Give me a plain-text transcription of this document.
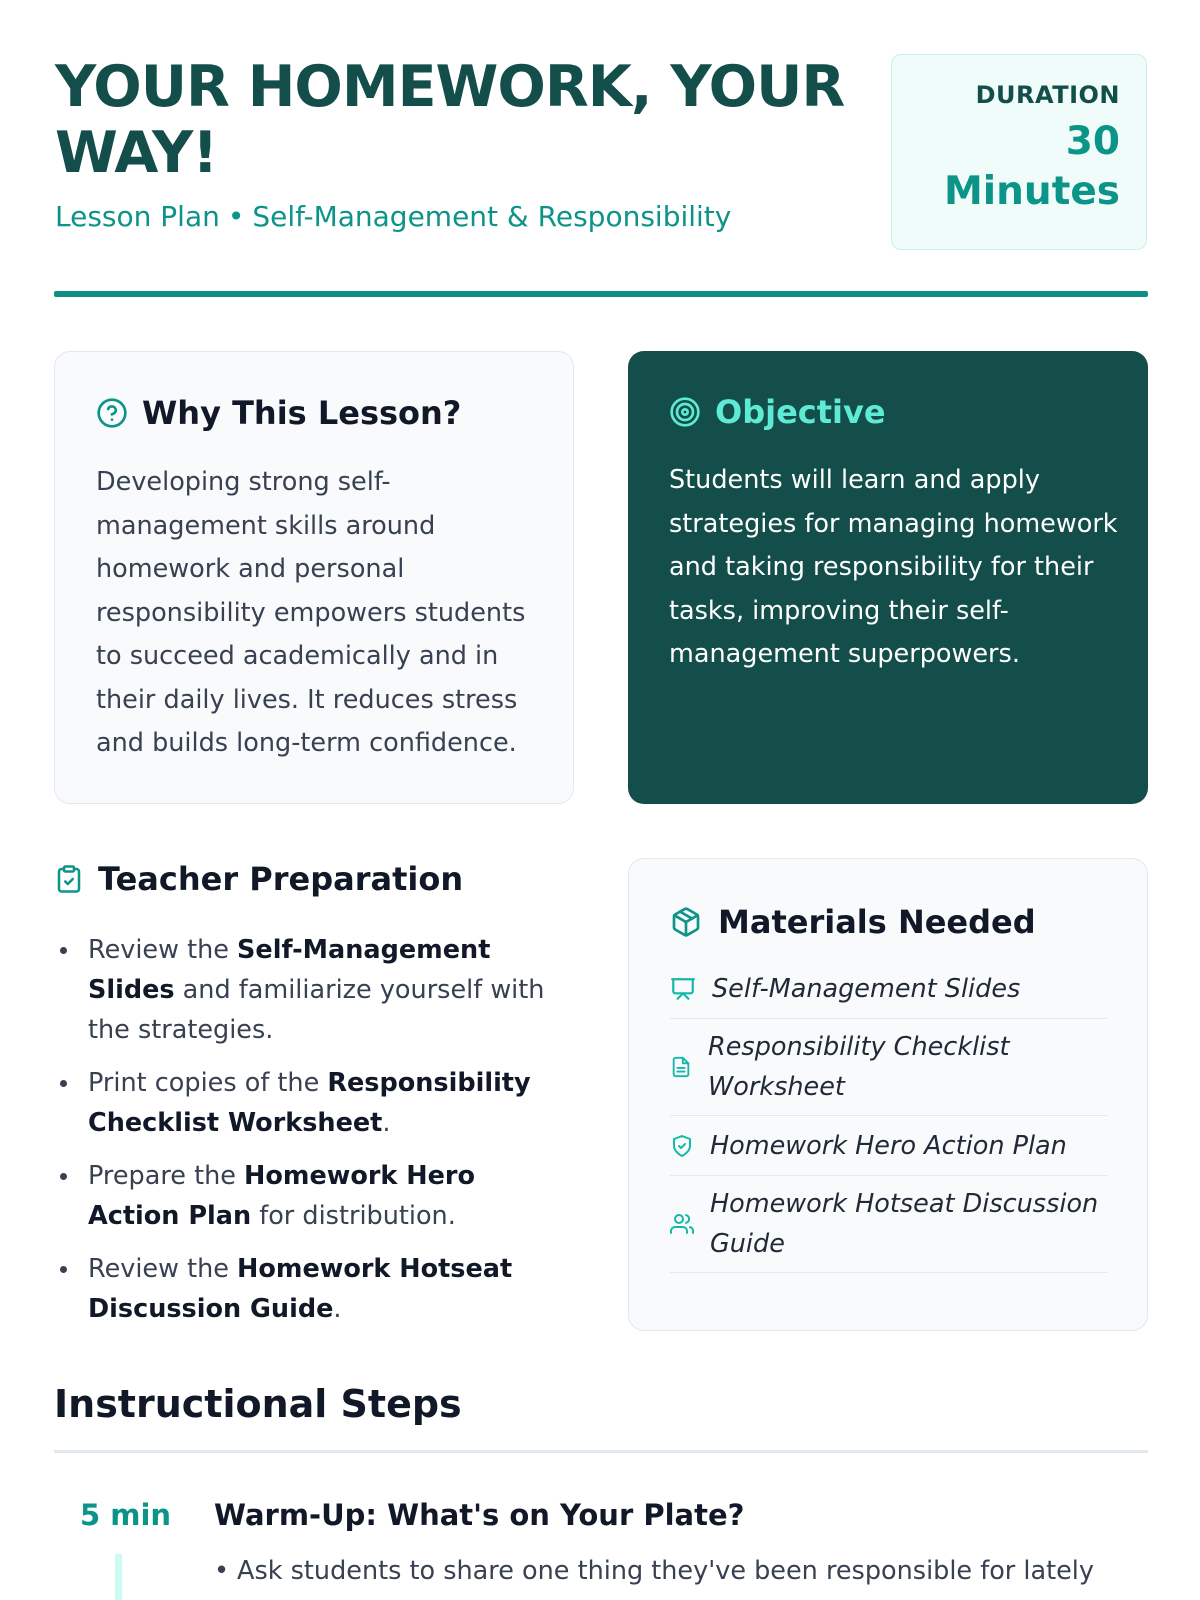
YOUR HOMEWORK, YOUR WAY!
Lesson Plan • Self-Management & Responsibility
DURATION
30 Minutes
Why This Lesson?

Developing strong self-management skills around homework and personal responsibility empowers students to succeed academically and in their daily lives. It reduces stress and builds long-term confidence.

Objective

Students will learn and apply strategies for managing homework and taking responsibility for their tasks, improving their self-management superpowers.

Teacher Preparation
Review the Self-Management Slides and familiarize yourself with the strategies.
Print copies of the Responsibility Checklist Worksheet.
Prepare the Homework Hero Action Plan for distribution.
Review the Homework Hotseat Discussion Guide.
Materials Needed
Self-Management Slides
Responsibility Checklist Worksheet
Homework Hero Action Plan
Homework Hotseat Discussion Guide
Instructional Steps
5 min Warm-Up: What's on Your Plate?
• Ask students to share one thing they've been responsible for lately
